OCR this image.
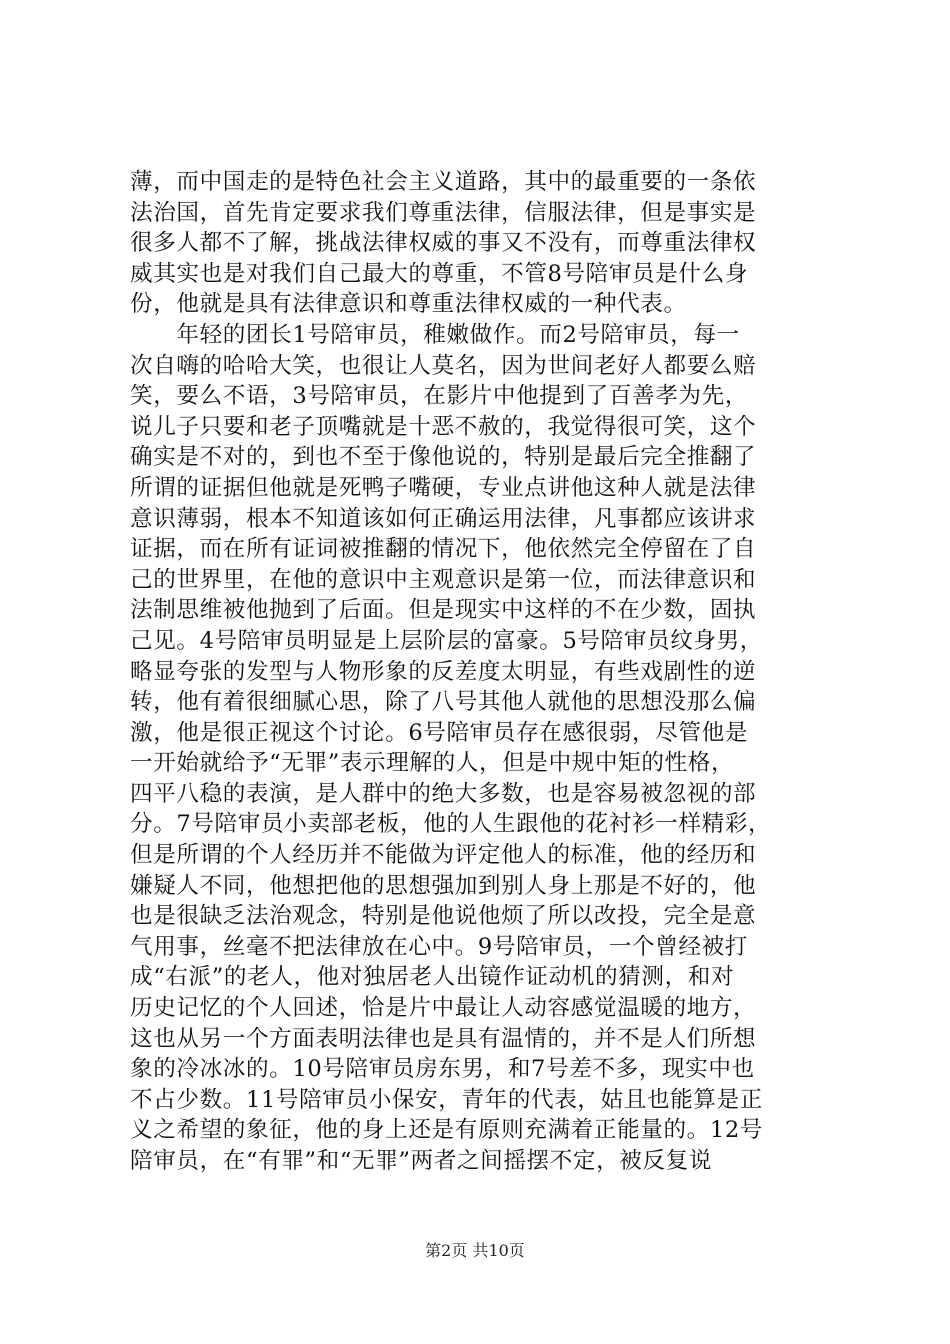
薄，而中国走的是特色社会主义道路，其中的最重要的一条依
法治国，首先肯定要求我们尊重法律，信服法律，但是事实是
很多人都不了解，挑战法律权威的事又不没有，而尊重法律权
威其实也是对我们自己最大的尊重，不管8号陪审员是什么身
份，他就是具有法律意识和尊重法律权威的一种代表。
　　年轻的团长1号陪审员，稚嫩做作。而2号陪审员，每一
次自嗨的哈哈大笑，也很让人莫名，因为世间老好人都要么赔
笑，要么不语，3号陪审员，在影片中他提到了百善孝为先，
说儿子只要和老子顶嘴就是十恶不赦的，我觉得很可笑，这个
确实是不对的，到也不至于像他说的，特别是最后完全推翻了
所谓的证据但他就是死鸭子嘴硬，专业点讲他这种人就是法律
意识薄弱，根本不知道该如何正确运用法律，凡事都应该讲求
证据，而在所有证词被推翻的情况下，他依然完全停留在了自
己的世界里，在他的意识中主观意识是第一位，而法律意识和
法制思维被他抛到了后面。但是现实中这样的不在少数，固执
己见。4号陪审员明显是上层阶层的富豪。5号陪审员纹身男，
略显夸张的发型与人物形象的反差度太明显，有些戏剧性的逆
转，他有着很细腻心思，除了八号其他人就他的思想没那么偏
激，他是很正视这个讨论。6号陪审员存在感很弱，尽管他是
一开始就给予“无罪”表示理解的人，但是中规中矩的性格，
四平八稳的表演，是人群中的绝大多数，也是容易被忽视的部
分。7号陪审员小卖部老板，他的人生跟他的花衬衫一样精彩，
但是所谓的个人经历并不能做为评定他人的标准，他的经历和
嫌疑人不同，他想把他的思想强加到别人身上那是不好的，他
也是很缺乏法治观念，特别是他说他烦了所以改投，完全是意
气用事，丝毫不把法律放在心中。9号陪审员，一个曾经被打
成“右派”的老人，他对独居老人出镜作证动机的猜测，和对
历史记忆的个人回述，恰是片中最让人动容感觉温暖的地方，
这也从另一个方面表明法律也是具有温情的，并不是人们所想
象的冷冰冰的。10号陪审员房东男，和7号差不多，现实中也
不占少数。11号陪审员小保安，青年的代表，姑且也能算是正
义之希望的象征，他的身上还是有原则充满着正能量的。12号
陪审员，在“有罪”和“无罪”两者之间摇摆不定，被反复说
第2页 共10页
